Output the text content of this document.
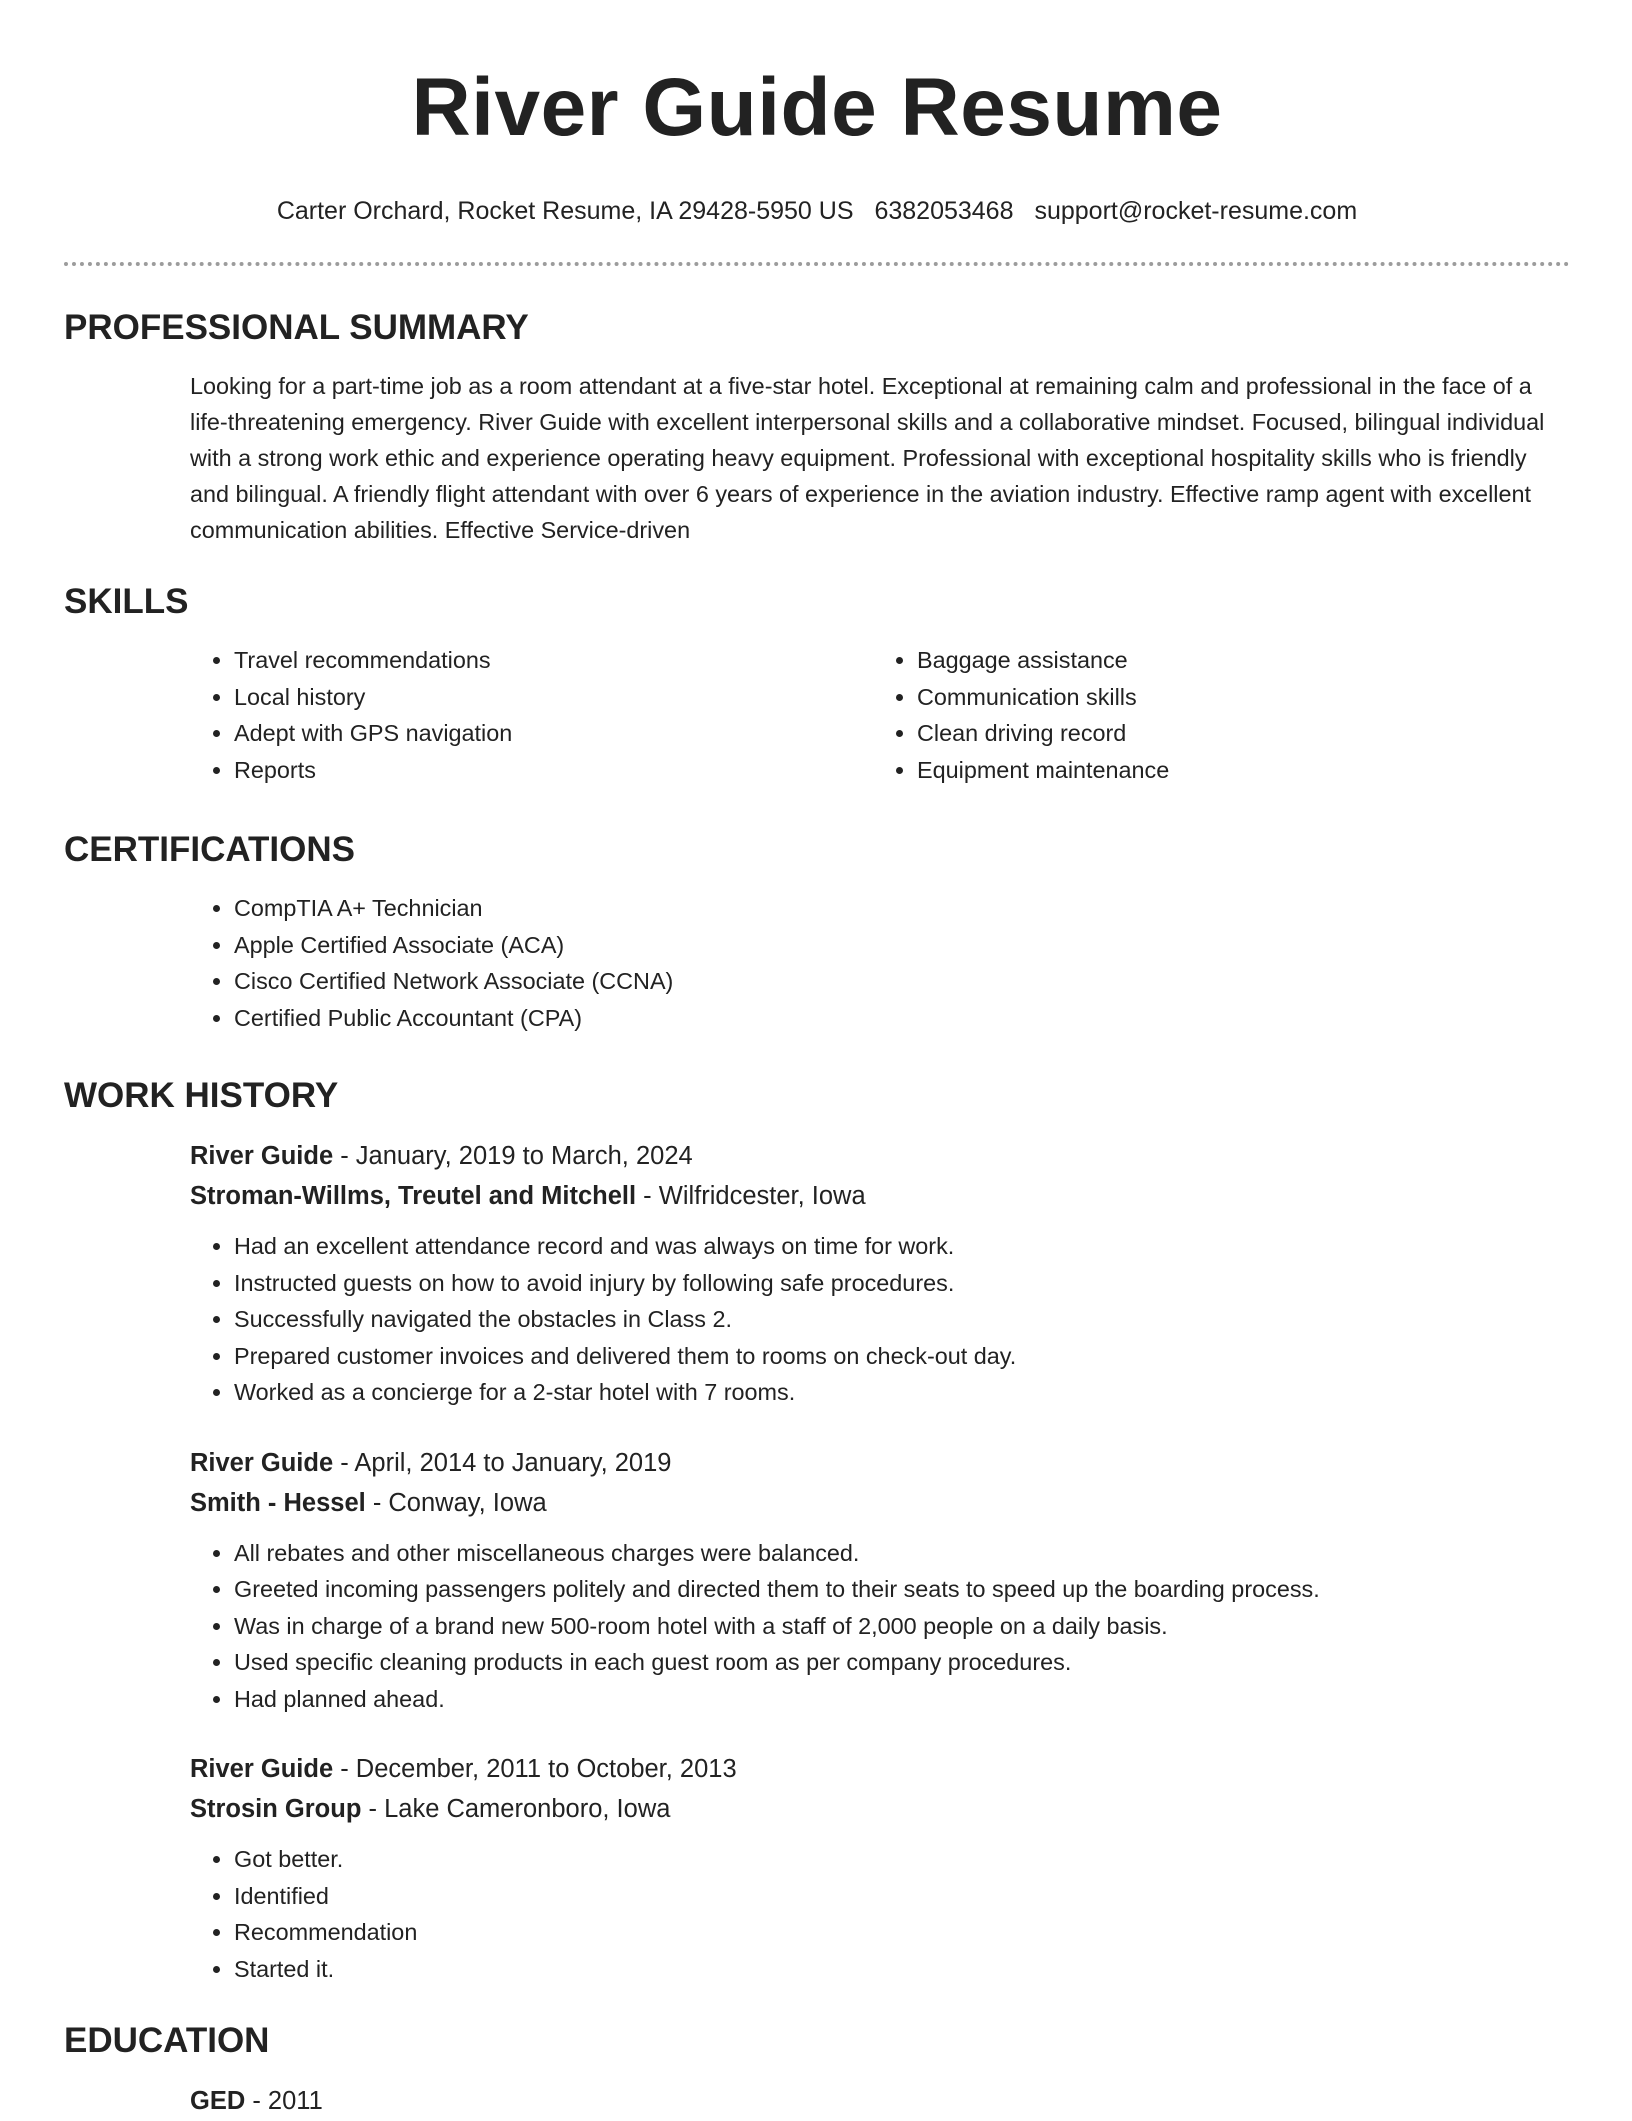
River Guide Resume
Carter Orchard, Rocket Resume, IA 29428-5950 US 6382053468 support@rocket-resume.com
PROFESSIONAL SUMMARY

Looking for a part-time job as a room attendant at a five-star hotel. Exceptional at remaining calm and professional in the face of a life-threatening emergency. River Guide with excellent interpersonal skills and a collaborative mindset. Focused, bilingual individual with a strong work ethic and experience operating heavy equipment. Professional with exceptional hospitality skills who is friendly and bilingual. A friendly flight attendant with over 6 years of experience in the aviation industry. Effective ramp agent with excellent communication abilities. Effective Service-driven

SKILLS
• Travel recommendations
• Local history
• Adept with GPS navigation
• Reports
• Baggage assistance
• Communication skills
• Clean driving record
• Equipment maintenance
CERTIFICATIONS
• CompTIA A+ Technician
• Apple Certified Associate (ACA)
• Cisco Certified Network Associate (CCNA)
• Certified Public Accountant (CPA)
WORK HISTORY
River Guide - January, 2019 to March, 2024
Stroman-Willms, Treutel and Mitchell - Wilfridcester, Iowa
• Had an excellent attendance record and was always on time for work.
• Instructed guests on how to avoid injury by following safe procedures.
• Successfully navigated the obstacles in Class 2.
• Prepared customer invoices and delivered them to rooms on check-out day.
• Worked as a concierge for a 2-star hotel with 7 rooms.
River Guide - April, 2014 to January, 2019
Smith - Hessel - Conway, Iowa
• All rebates and other miscellaneous charges were balanced.
• Greeted incoming passengers politely and directed them to their seats to speed up the boarding process.
• Was in charge of a brand new 500-room hotel with a staff of 2,000 people on a daily basis.
• Used specific cleaning products in each guest room as per company procedures.
• Had planned ahead.
River Guide - December, 2011 to October, 2013
Strosin Group - Lake Cameronboro, Iowa
• Got better.
• Identified
• Recommendation
• Started it.
EDUCATION
GED - 2011
